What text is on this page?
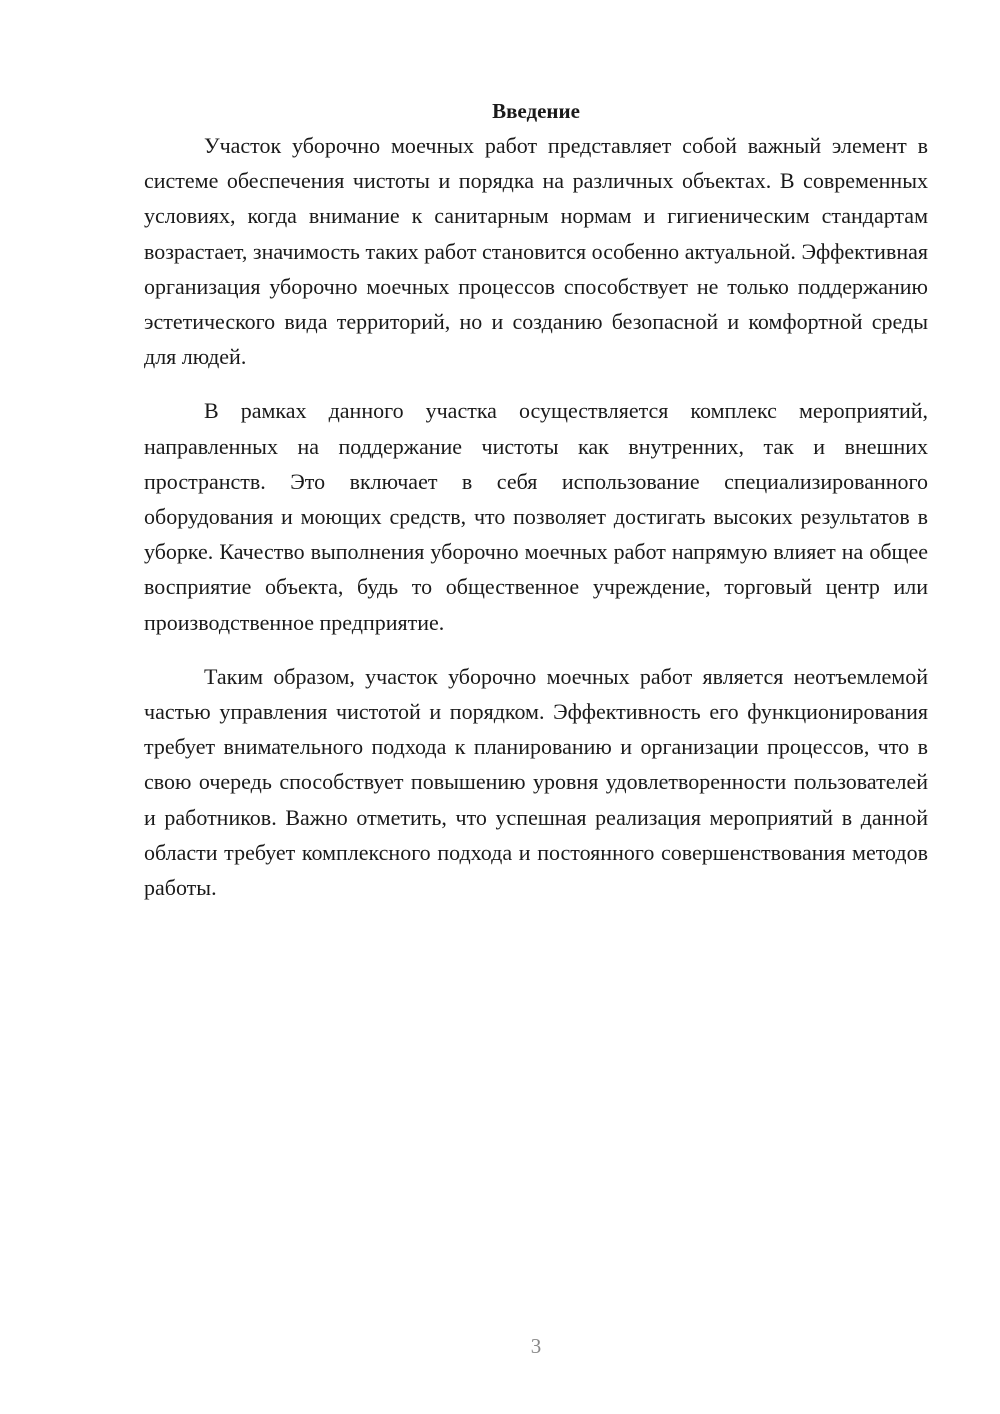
Введение

Участок уборочно моечных работ представляет собой важный элемент в системе обеспечения чистоты и порядка на различных объектах. В современных условиях, когда внимание к санитарным нормам и гигиеническим стандартам возрастает, значимость таких работ становится особенно актуальной. Эффективная организация уборочно моечных процессов способствует не только поддержанию эстетического вида территорий, но и созданию безопасной и комфортной среды для людей.

В рамках данного участка осуществляется комплекс мероприятий, направленных на поддержание чистоты как внутренних, так и внешних пространств. Это включает в себя использование специализированного оборудования и моющих средств, что позволяет достигать высоких результатов в уборке. Качество выполнения уборочно моечных работ напрямую влияет на общее восприятие объекта, будь то общественное учреждение, торговый центр или производственное предприятие.

Таким образом, участок уборочно моечных работ является неотъемлемой частью управления чистотой и порядком. Эффективность его функционирования требует внимательного подхода к планированию и организации процессов, что в свою очередь способствует повышению уровня удовлетворенности пользователей и работников. Важно отметить, что успешная реализация мероприятий в данной области требует комплексного подхода и постоянного совершенствования методов работы.

3
